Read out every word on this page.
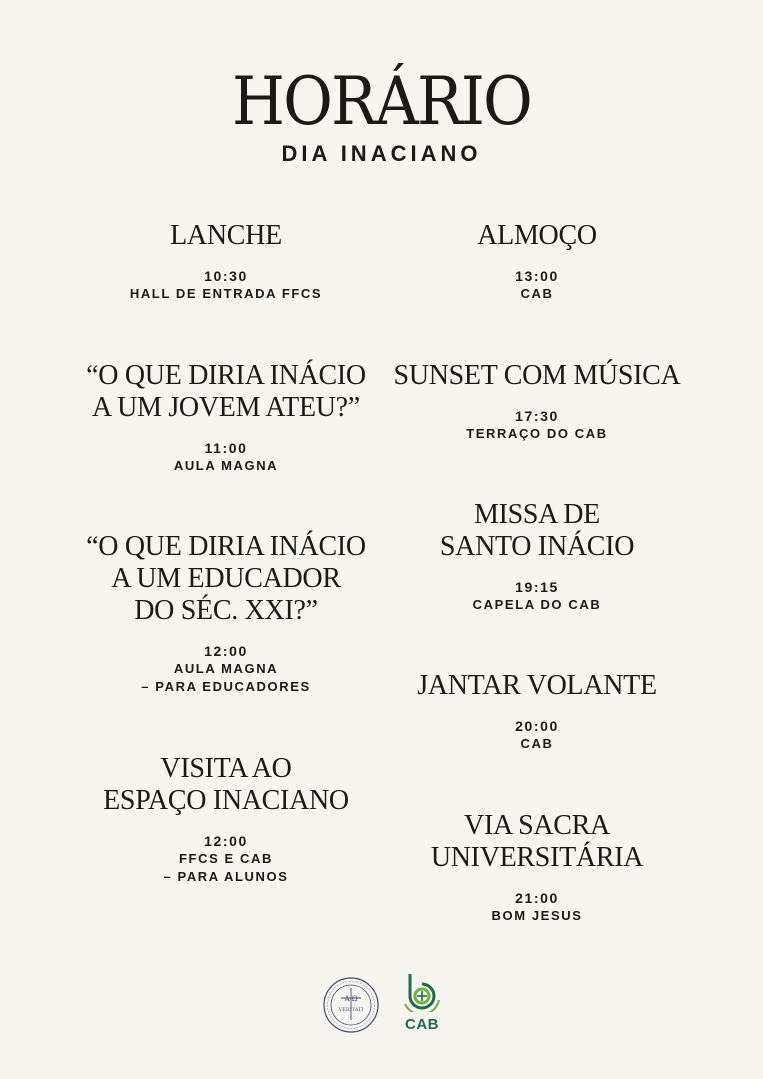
HORÁRIO
DIA INACIANO
LANCHE
10:30
HALL DE ENTRADA FFCS
“O QUE DIRIA INÁCIO
A UM JOVEM ATEU?”
11:00
AULA MAGNA
“O QUE DIRIA INÁCIO
A UM EDUCADOR
DO SÉC. XXI?”
12:00
AULA MAGNA
– PARA EDUCADORES
VISITA AO
ESPAÇO INACIANO
12:00
FFCS E CAB
– PARA ALUNOS
ALMOÇO
13:00
CAB
SUNSET COM MÚSICA
17:30
TERRAÇO DO CAB
MISSA DE
SANTO INÁCIO
19:15
CAPELA DO CAB
JANTAR VOLANTE
20:00
CAB
VIA SACRA
UNIVERSITÁRIA
21:00
BOM JESUS
A Ω
VERITATI
CAB
